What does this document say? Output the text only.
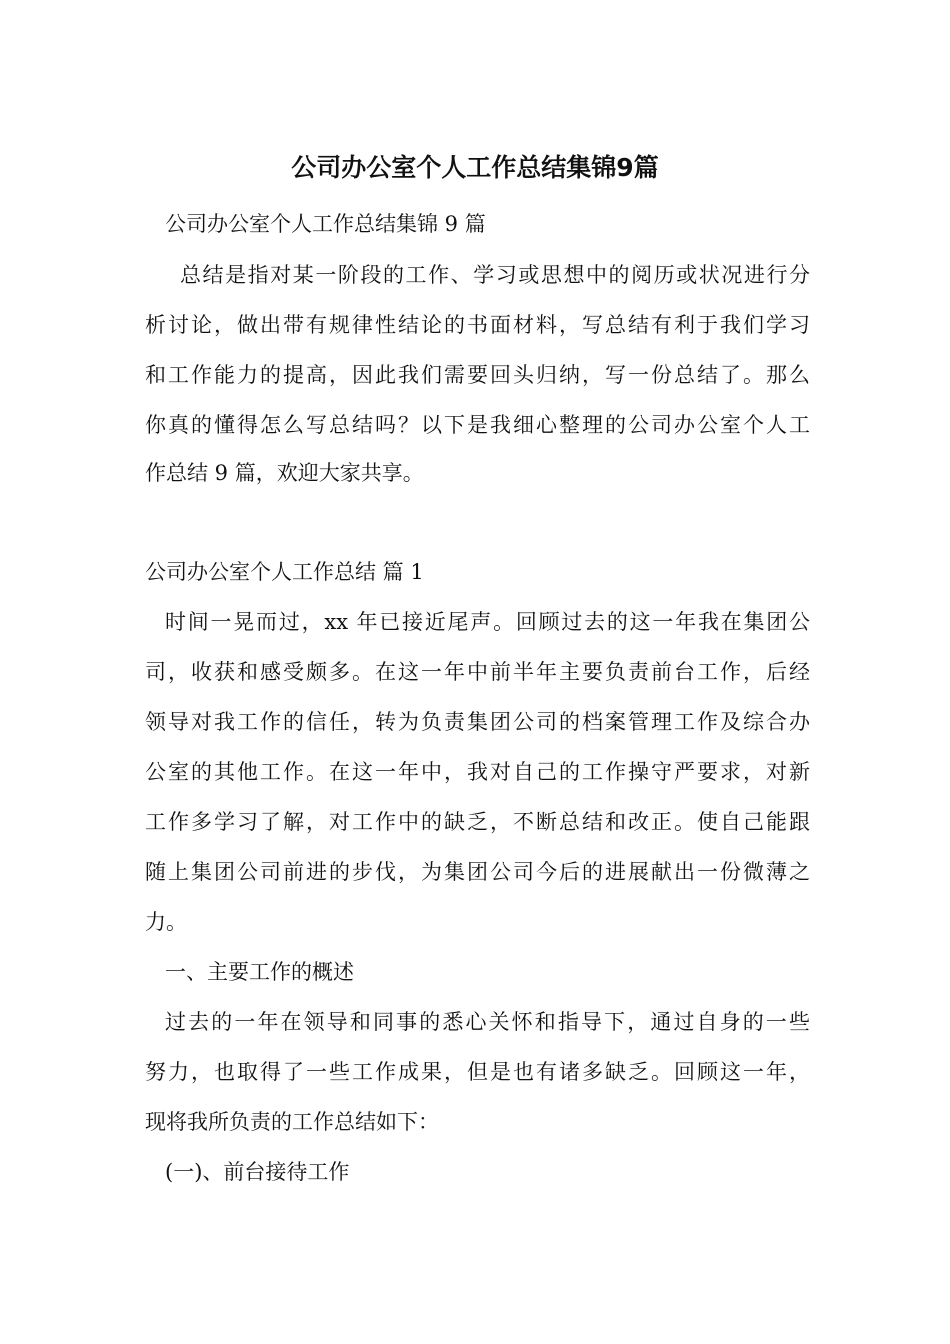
公司办公室个人工作总结集锦9篇
公司办公室个人工作总结集锦 9 篇
总结是指对某一阶段的工作、学习或思想中的阅历或状况进行分
析讨论，做出带有规律性结论的书面材料，写总结有利于我们学习
和工作能力的提高，因此我们需要回头归纳，写一份总结了。那么
你真的懂得怎么写总结吗？以下是我细心整理的公司办公室个人工
作总结 9 篇，欢迎大家共享。
公司办公室个人工作总结 篇 1
时间一晃而过，xx 年已接近尾声。回顾过去的这一年我在集团公
司，收获和感受颇多。在这一年中前半年主要负责前台工作，后经
领导对我工作的信任，转为负责集团公司的档案管理工作及综合办
公室的其他工作。在这一年中，我对自己的工作操守严要求，对新
工作多学习了解，对工作中的缺乏，不断总结和改正。使自己能跟
随上集团公司前进的步伐，为集团公司今后的进展献出一份微薄之
力。
一、主要工作的概述
过去的一年在领导和同事的悉心关怀和指导下，通过自身的一些
努力，也取得了一些工作成果，但是也有诸多缺乏。回顾这一年，
现将我所负责的工作总结如下：
(一)、前台接待工作
